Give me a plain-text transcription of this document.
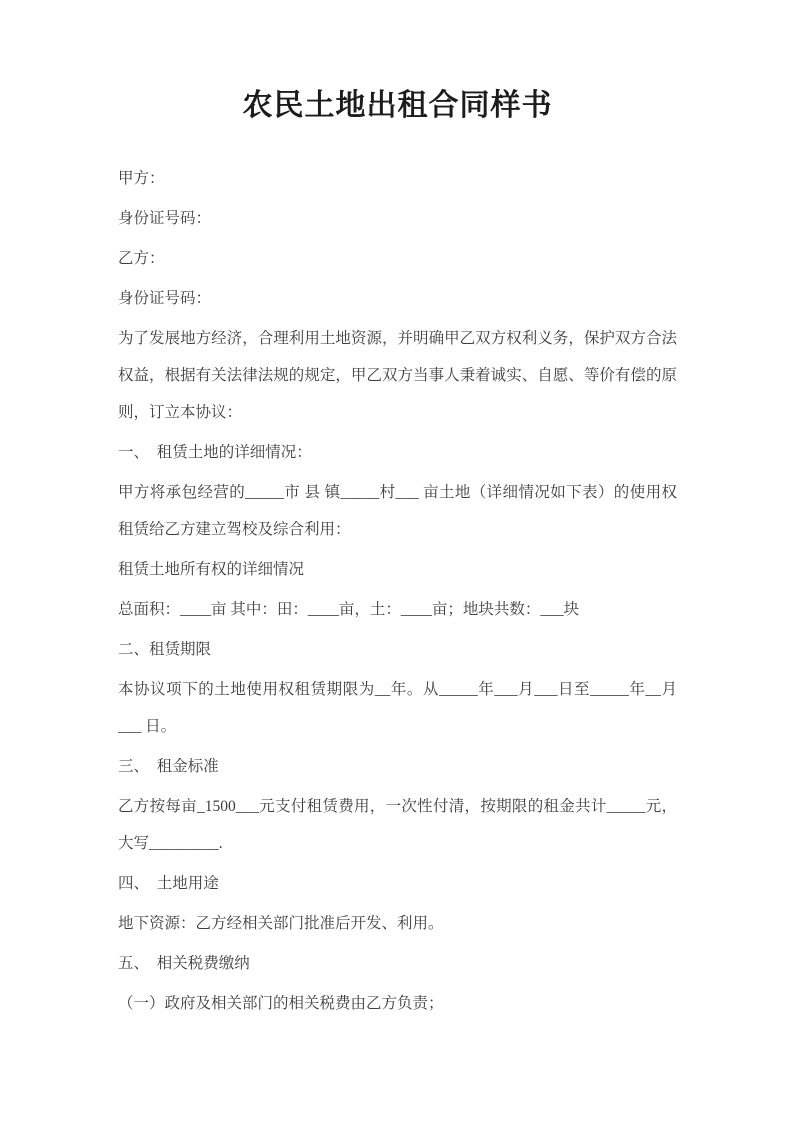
农民土地出租合同样书

甲方：

身份证号码：

乙方：

身份证号码：

为了发展地方经济，合理利用土地资源，并明确甲乙双方权利义务，保护双方合法权益，根据有关法律法规的规定，甲乙双方当事人秉着诚实、自愿、等价有偿的原则，订立本协议：

一、　租赁土地的详细情况：

甲方将承包经营的_____市 县 镇_____村___ 亩土地（详细情况如下表）的使用权租赁给乙方建立驾校及综合利用：

租赁土地所有权的详细情况

总面积：____亩 其中：田：____亩，土：____亩；地块共数：___块

二、租赁期限

本协议项下的土地使用权租赁期限为__年。从_____年___月___日至_____年__月___ 日。

三、　租金标准

乙方按每亩_1500___元支付租赁费用，一次性付清，按期限的租金共计_____元，大写_________.

四、　土地用途

地下资源：乙方经相关部门批准后开发、利用。

五、　相关税费缴纳

（一）政府及相关部门的相关税费由乙方负责；
